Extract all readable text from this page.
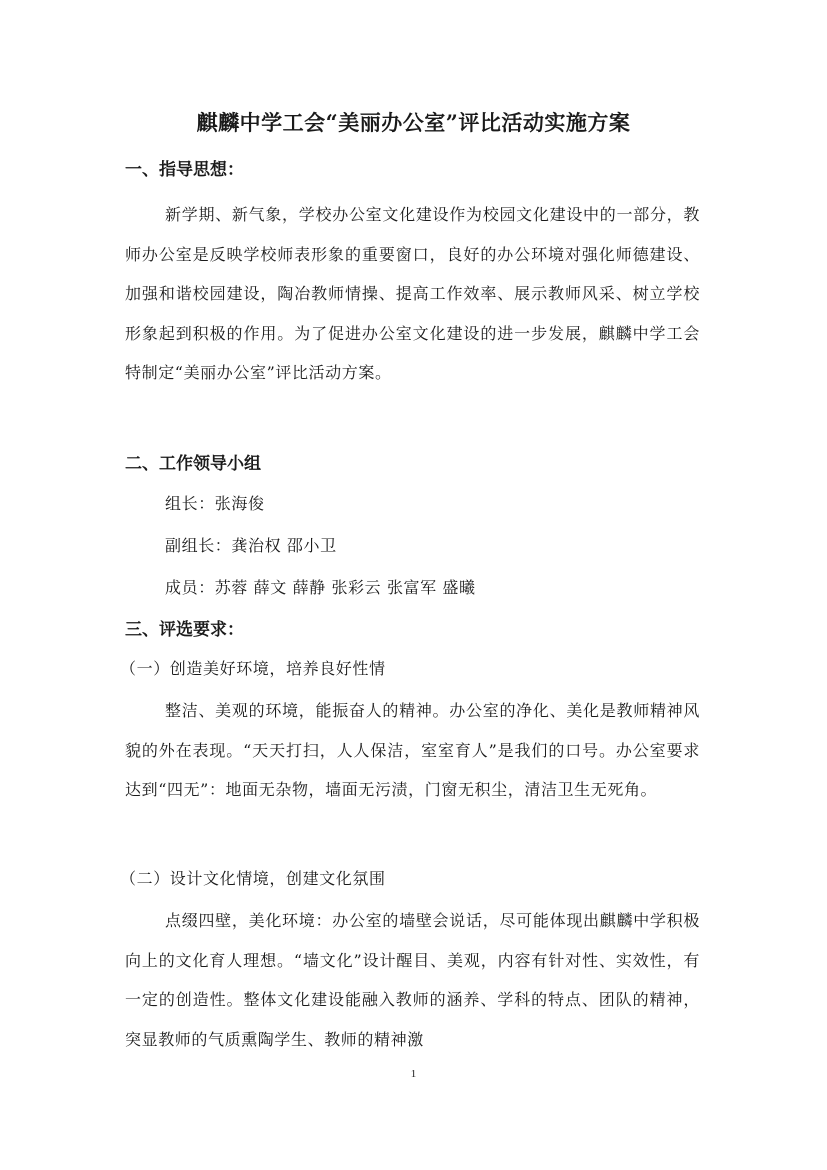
麒麟中学工会“美丽办公室”评比活动实施方案
一、指导思想：
新学期、新气象，学校办公室文化建设作为校园文化建设中的一部分，教师办公室是反映学校师表形象的重要窗口，良好的办公环境对强化师德建设、加强和谐校园建设，陶冶教师情操、提高工作效率、展示教师风采、树立学校形象起到积极的作用。为了促进办公室文化建设的进一步发展，麒麟中学工会特制定“美丽办公室”评比活动方案。
二、工作领导小组
组长：张海俊
副组长：龚治权 邵小卫
成员：苏蓉 薛文 薛静 张彩云 张富军 盛曦
三、评选要求：
（一）创造美好环境，培养良好性情
整洁、美观的环境，能振奋人的精神。办公室的净化、美化是教师精神风貌的外在表现。“天天打扫，人人保洁，室室育人”是我们的口号。办公室要求达到“四无”：地面无杂物，墙面无污渍，门窗无积尘，清洁卫生无死角。
（二）设计文化情境，创建文化氛围
点缀四壁，美化环境：办公室的墙壁会说话，尽可能体现出麒麟中学积极向上的文化育人理想。“墙文化”设计醒目、美观，内容有针对性、实效性，有一定的创造性。整体文化建设能融入教师的涵养、学科的特点、团队的精神，突显教师的气质熏陶学生、教师的精神激
1
